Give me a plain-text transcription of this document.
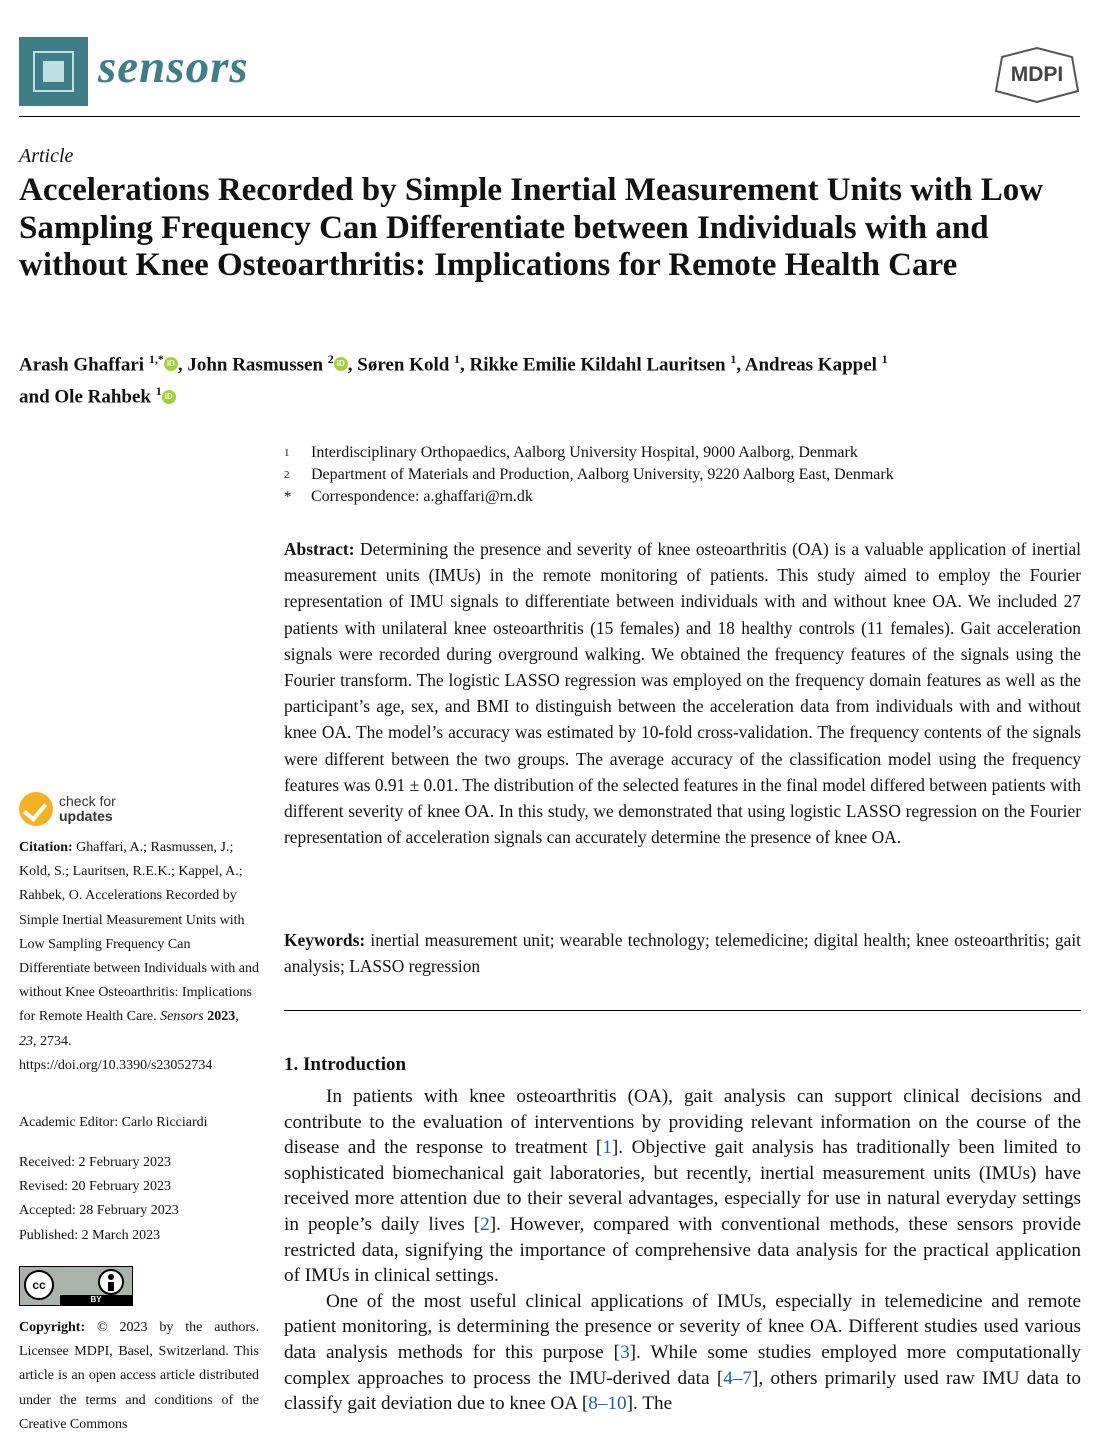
sensors	MDPI
Article
Accelerations Recorded by Simple Inertial Measurement Units with Low Sampling Frequency Can Differentiate between Individuals with and without Knee Osteoarthritis: Implications for Remote Health Care
Arash Ghaffari $^{1,*}$ iD , John Rasmussen $^2$ iD , Søren Kold $^1$, Rikke Emilie Kildahl Lauritsen $^1$, Andreas Kappel $^1$
and Ole Rahbek $^1$ iD
1	Interdisciplinary Orthopaedics, Aalborg University Hospital, 9000 Aalborg, Denmark
2	Department of Materials and Production, Aalborg University, 9220 Aalborg East, Denmark
*	Correspondence: a.ghaffari@rn.dk
Abstract: Determining the presence and severity of knee osteoarthritis (OA) is a valuable application of inertial measurement units (IMUs) in the remote monitoring of patients. This study aimed to employ the Fourier representation of IMU signals to differentiate between individuals with and without knee OA. We included 27 patients with unilateral knee osteoarthritis (15 females) and 18 healthy controls (11 females). Gait acceleration signals were recorded during overground walking. We obtained the frequency features of the signals using the Fourier transform. The logistic LASSO regression was employed on the frequency domain features as well as the participant’s age, sex, and BMI to distinguish between the acceleration data from individuals with and without knee OA. The model’s accuracy was estimated by 10-fold cross-validation. The frequency contents of the signals were different between the two groups. The average accuracy of the classification model using the frequency features was 0.91 ± 0.01. The distribution of the selected features in the final model differed between patients with different severity of knee OA. In this study, we demonstrated that using logistic LASSO regression on the Fourier representation of acceleration signals can accurately determine the presence of knee OA.
Keywords: inertial measurement unit; wearable technology; telemedicine; digital health; knee osteoarthritis; gait analysis; LASSO regression
1. Introduction

In patients with knee osteoarthritis (OA), gait analysis can support clinical decisions and contribute to the evaluation of interventions by providing relevant information on the course of the disease and the response to treatment [1]. Objective gait analysis has traditionally been limited to sophisticated biomechanical gait laboratories, but recently, inertial measurement units (IMUs) have received more attention due to their several advantages, especially for use in natural everyday settings in people’s daily lives [2]. However, compared with conventional methods, these sensors provide restricted data, signifying the importance of comprehensive data analysis for the practical application of IMUs in clinical settings.

One of the most useful clinical applications of IMUs, especially in telemedicine and remote patient monitoring, is determining the presence or severity of knee OA. Different studies used various data analysis methods for this purpose [3]. While some studies employed more computationally complex approaches to process the IMU-derived data [4–7], others primarily used raw IMU data to classify gait deviation due to knee OA [8–10]. The

check for
updates
Citation: Ghaffari, A.; Rasmussen, J.; Kold, S.; Lauritsen, R.E.K.; Kappel, A.; Rahbek, O. Accelerations Recorded by Simple Inertial Measurement Units with Low Sampling Frequency Can Differentiate between Individuals with and without Knee Osteoarthritis: Implications for Remote Health Care. Sensors 2023, 23, 2734. https://doi.org/10.3390/s23052734
Academic Editor: Carlo Ricciardi
Received: 2 February 2023
Revised: 20 February 2023
Accepted: 28 February 2023
Published: 2 March 2023
cc
BY
Copyright: © 2023 by the authors. Licensee MDPI, Basel, Switzerland. This article is an open access article distributed under the terms and conditions of the Creative Commons
